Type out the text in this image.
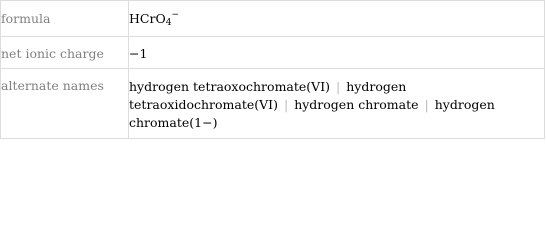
formula	HCrO$_4$−
net ionic charge	−1
alternate names	hydrogen tetraoxochromate(VI) | hydrogen tetraoxidochromate(VI) | hydrogen chromate | hydrogen chromate(1−)
